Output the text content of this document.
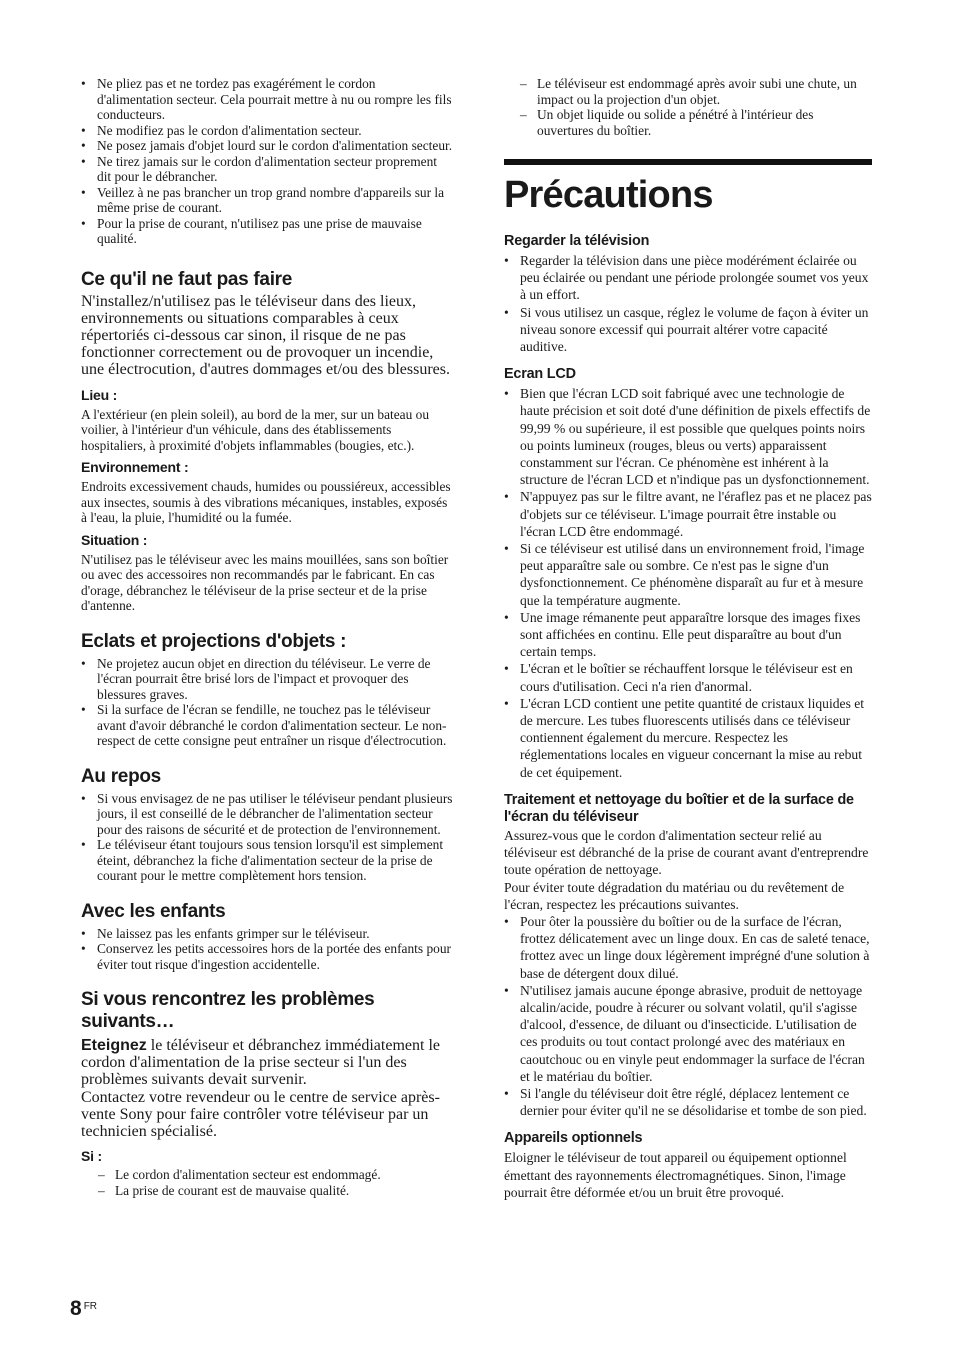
• Ne pliez pas et ne tordez pas exagérément le cordon d'alimentation secteur. Cela pourrait mettre à nu ou rompre les fils conducteurs.
• Ne modifiez pas le cordon d'alimentation secteur.
• Ne posez jamais d'objet lourd sur le cordon d'alimentation secteur.
• Ne tirez jamais sur le cordon d'alimentation secteur proprement dit pour le débrancher.
• Veillez à ne pas brancher un trop grand nombre d'appareils sur la même prise de courant.
• Pour la prise de courant, n'utilisez pas une prise de mauvaise qualité.
Ce qu'il ne faut pas faire

N'installez/n'utilisez pas le téléviseur dans des lieux, environnements ou situations comparables à ceux répertoriés ci-dessous car sinon, il risque de ne pas fonctionner correctement ou de provoquer un incendie, une électrocution, d'autres dommages et/ou des blessures.

Lieu :

A l'extérieur (en plein soleil), au bord de la mer, sur un bateau ou voilier, à l'intérieur d'un véhicule, dans des établissements hospitaliers, à proximité d'objets inflammables (bougies, etc.).

Environnement :

Endroits excessivement chauds, humides ou poussiéreux, accessibles aux insectes, soumis à des vibrations mécaniques, instables, exposés à l'eau, la pluie, l'humidité ou la fumée.

Situation :

N'utilisez pas le téléviseur avec les mains mouillées, sans son boîtier ou avec des accessoires non recommandés par le fabricant. En cas d'orage, débranchez le téléviseur de la prise secteur et de la prise d'antenne.

Eclats et projections d'objets :
• Ne projetez aucun objet en direction du téléviseur. Le verre de l'écran pourrait être brisé lors de l'impact et provoquer des blessures graves.
• Si la surface de l'écran se fendille, ne touchez pas le téléviseur avant d'avoir débranché le cordon d'alimentation secteur. Le non-respect de cette consigne peut entraîner un risque d'électrocution.
Au repos
• Si vous envisagez de ne pas utiliser le téléviseur pendant plusieurs jours, il est conseillé de le débrancher de l'alimentation secteur pour des raisons de sécurité et de protection de l'environnement.
• Le téléviseur étant toujours sous tension lorsqu'il est simplement éteint, débranchez la fiche d'alimentation secteur de la prise de courant pour le mettre complètement hors tension.
Avec les enfants
• Ne laissez pas les enfants grimper sur le téléviseur.
• Conservez les petits accessoires hors de la portée des enfants pour éviter tout risque d'ingestion accidentelle.
Si vous rencontrez les problèmes suivants…

Eteignez le téléviseur et débranchez immédiatement le cordon d'alimentation de la prise secteur si l'un des problèmes suivants devait survenir.

Contactez votre revendeur ou le centre de service après-vente Sony pour faire contrôler votre téléviseur par un technicien spécialisé.

Si :
– Le cordon d'alimentation secteur est endommagé.
– La prise de courant est de mauvaise qualité.
– Le téléviseur est endommagé après avoir subi une chute, un impact ou la projection d'un objet.
– Un objet liquide ou solide a pénétré à l'intérieur des ouvertures du boîtier.
Précautions
Regarder la télévision
• Regarder la télévision dans une pièce modérément éclairée ou peu éclairée ou pendant une période prolongée soumet vos yeux à un effort.
• Si vous utilisez un casque, réglez le volume de façon à éviter un niveau sonore excessif qui pourrait altérer votre capacité auditive.
Ecran LCD
• Bien que l'écran LCD soit fabriqué avec une technologie de haute précision et soit doté d'une définition de pixels effectifs de 99,99 % ou supérieure, il est possible que quelques points noirs ou points lumineux (rouges, bleus ou verts) apparaissent constamment sur l'écran. Ce phénomène est inhérent à la structure de l'écran LCD et n'indique pas un dysfonctionnement.
• N'appuyez pas sur le filtre avant, ne l'éraflez pas et ne placez pas d'objets sur ce téléviseur. L'image pourrait être instable ou l'écran LCD être endommagé.
• Si ce téléviseur est utilisé dans un environnement froid, l'image peut apparaître sale ou sombre. Ce n'est pas le signe d'un dysfonctionnement. Ce phénomène disparaît au fur et à mesure que la température augmente.
• Une image rémanente peut apparaître lorsque des images fixes sont affichées en continu. Elle peut disparaître au bout d'un certain temps.
• L'écran et le boîtier se réchauffent lorsque le téléviseur est en cours d'utilisation. Ceci n'a rien d'anormal.
• L'écran LCD contient une petite quantité de cristaux liquides et de mercure. Les tubes fluorescents utilisés dans ce téléviseur contiennent également du mercure. Respectez les réglementations locales en vigueur concernant la mise au rebut de cet équipement.
Traitement et nettoyage du boîtier et de la surface de l'écran du téléviseur

Assurez-vous que le cordon d'alimentation secteur relié au téléviseur est débranché de la prise de courant avant d'entreprendre toute opération de nettoyage.

Pour éviter toute dégradation du matériau ou du revêtement de l'écran, respectez les précautions suivantes.

• Pour ôter la poussière du boîtier ou de la surface de l'écran, frottez délicatement avec un linge doux. En cas de saleté tenace, frottez avec un linge doux légèrement imprégné d'une solution à base de détergent doux dilué.
• N'utilisez jamais aucune éponge abrasive, produit de nettoyage alcalin/acide, poudre à récurer ou solvant volatil, qu'il s'agisse d'alcool, d'essence, de diluant ou d'insecticide. L'utilisation de ces produits ou tout contact prolongé avec des matériaux en caoutchouc ou en vinyle peut endommager la surface de l'écran et le matériau du boîtier.
• Si l'angle du téléviseur doit être réglé, déplacez lentement ce dernier pour éviter qu'il ne se désolidarise et tombe de son pied.
Appareils optionnels

Eloigner le téléviseur de tout appareil ou équipement optionnel émettant des rayonnements électromagnétiques. Sinon, l'image pourrait être déformée et/ou un bruit être provoqué.

8 $^{FR}$
